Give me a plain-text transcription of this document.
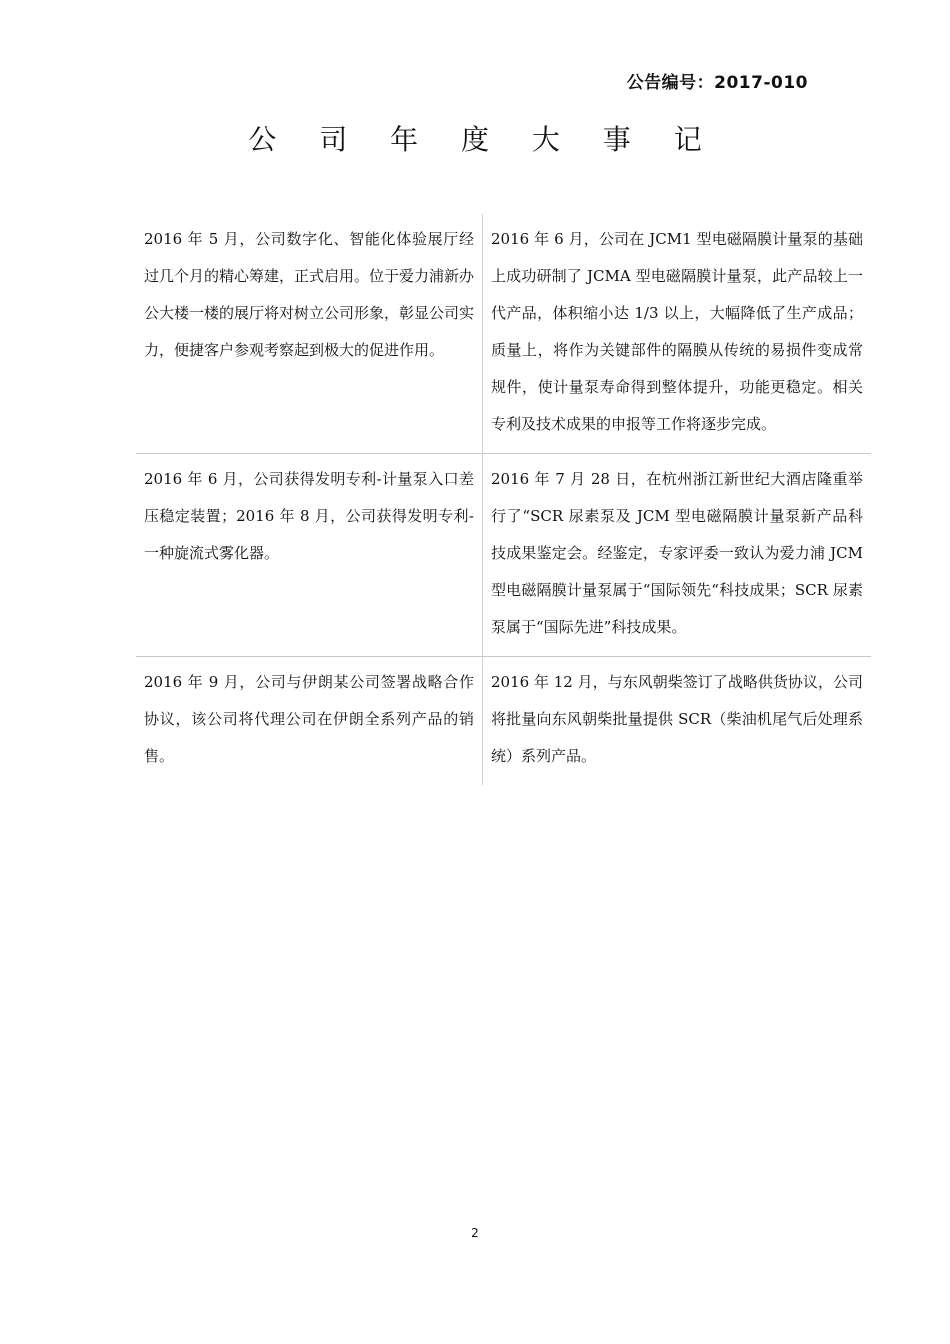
公告编号：2017-010
公 司 年 度 大 事 记
2016 年 5 月，公司数字化、智能化体验展厅经过几个月的精心筹建，正式启用。位于爱力浦新办公大楼一楼的展厅将对树立公司形象，彰显公司实力，便捷客户参观考察起到极大的促进作用。	2016 年 6 月，公司在 JCM1 型电磁隔膜计量泵的基础上成功研制了 JCMA 型电磁隔膜计量泵，此产品较上一代产品，体积缩小达 1/3 以上，大幅降低了生产成品；质量上，将作为关键部件的隔膜从传统的易损件变成常规件，使计量泵寿命得到整体提升，功能更稳定。相关专利及技术成果的申报等工作将逐步完成。
2016 年 6 月，公司获得发明专利-计量泵入口差压稳定装置；2016 年 8 月，公司获得发明专利-一种旋流式雾化器。	2016 年 7 月 28 日，在杭州浙江新世纪大酒店隆重举行了“SCR 尿素泵及 JCM 型电磁隔膜计量泵新产品科技成果鉴定会。经鉴定，专家评委一致认为爱力浦 JCM 型电磁隔膜计量泵属于“国际领先“科技成果；SCR 尿素泵属于“国际先进”科技成果。
2016 年 9 月，公司与伊朗某公司签署战略合作协议，该公司将代理公司在伊朗全系列产品的销售。	2016 年 12 月，与东风朝柴签订了战略供货协议，公司将批量向东风朝柴批量提供 SCR（柴油机尾气后处理系统）系列产品。
2
